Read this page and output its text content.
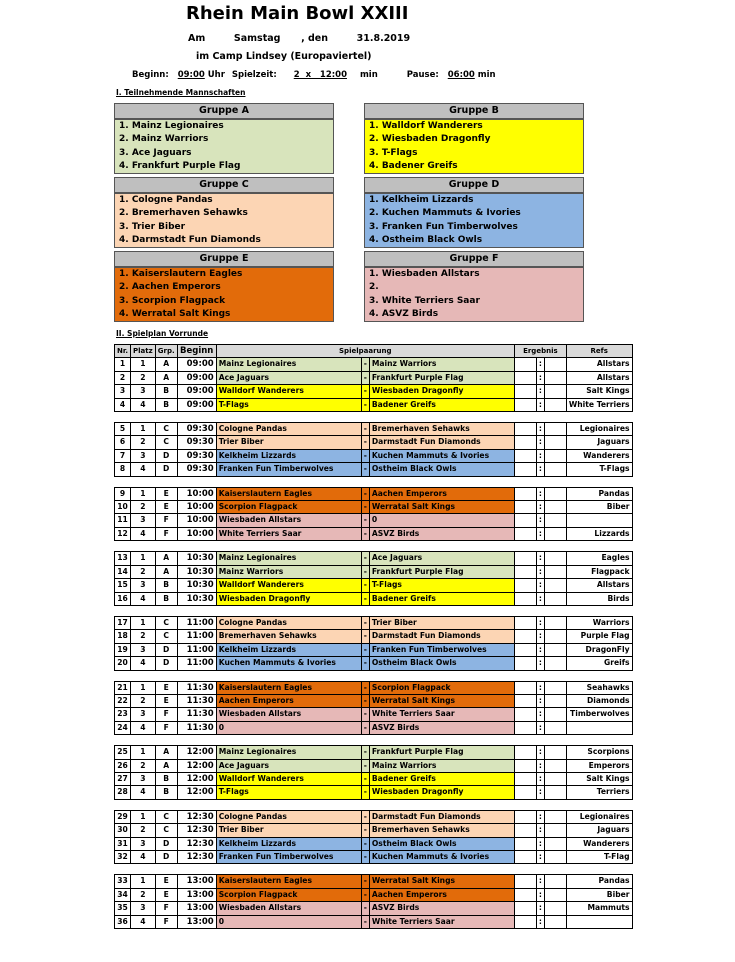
Rhein Main Bowl XXIII
Am	Samstag , den	31.8.2019
im Camp Lindsey (Europaviertel)
Beginn: 09:00 Uhr Spielzeit: 2  x   12:00 min	Pause: 06:00 min
I. Teilnehmende Mannschaften
Gruppe A
1. Mainz Legionaires
2. Mainz Warriors
3. Ace Jaguars
4. Frankfurt Purple Flag
Gruppe B
1. Walldorf Wanderers
2. Wiesbaden Dragonfly
3. T-Flags
4. Badener Greifs
Gruppe C
1. Cologne Pandas
2. Bremerhaven Sehawks
3. Trier Biber
4. Darmstadt Fun Diamonds
Gruppe D
1. Kelkheim Lizzards
2. Kuchen Mammuts & Ivories
3. Franken Fun Timberwolves
4. Ostheim Black Owls
Gruppe E
1. Kaiserslautern Eagles
2. Aachen Emperors
3. Scorpion Flagpack
4. Werratal Salt Kings
Gruppe F
1. Wiesbaden Allstars
2.
3. White Terriers Saar
4. ASVZ Birds
II. Spielplan Vorrunde
Nr.	Platz	Grp.	Beginn	Spielpaarung			Ergebnis			Refs
1	1	A	09:00	Mainz Legionaires	-	Mainz Warriors		:		Allstars
2	2	A	09:00	Ace Jaguars	-	Frankfurt Purple Flag		:		Allstars
3	3	B	09:00	Walldorf Wanderers	-	Wiesbaden Dragonfly		:		Salt Kings
4	4	B	09:00	T-Flags	-	Badener Greifs		:		White Terriers

5	1	C	09:30	Cologne Pandas	-	Bremerhaven Sehawks		:		Legionaires
6	2	C	09:30	Trier Biber	-	Darmstadt Fun Diamonds		:		Jaguars
7	3	D	09:30	Kelkheim Lizzards	-	Kuchen Mammuts & Ivories		:		Wanderers
8	4	D	09:30	Franken Fun Timberwolves	-	Ostheim Black Owls		:		T-Flags

9	1	E	10:00	Kaiserslautern Eagles	-	Aachen Emperors		:		Pandas
10	2	E	10:00	Scorpion Flagpack	-	Werratal Salt Kings		:		Biber
11	3	F	10:00	Wiesbaden Allstars	-	0		:		
12	4	F	10:00	White Terriers Saar	-	ASVZ Birds		:		Lizzards

13	1	A	10:30	Mainz Legionaires	-	Ace Jaguars		:		Eagles
14	2	A	10:30	Mainz Warriors	-	Frankfurt Purple Flag		:		Flagpack
15	3	B	10:30	Walldorf Wanderers	-	T-Flags		:		Allstars
16	4	B	10:30	Wiesbaden Dragonfly	-	Badener Greifs		:		Birds

17	1	C	11:00	Cologne Pandas	-	Trier Biber		:		Warriors
18	2	C	11:00	Bremerhaven Sehawks	-	Darmstadt Fun Diamonds		:		Purple Flag
19	3	D	11:00	Kelkheim Lizzards	-	Franken Fun Timberwolves		:		DragonFly
20	4	D	11:00	Kuchen Mammuts & Ivories	-	Ostheim Black Owls		:		Greifs

21	1	E	11:30	Kaiserslautern Eagles	-	Scorpion Flagpack		:		Seahawks
22	2	E	11:30	Aachen Emperors	-	Werratal Salt Kings		:		Diamonds
23	3	F	11:30	Wiesbaden Allstars	-	White Terriers Saar		:		Timberwolves
24	4	F	11:30	0	-	ASVZ Birds		:		

25	1	A	12:00	Mainz Legionaires	-	Frankfurt Purple Flag		:		Scorpions
26	2	A	12:00	Ace Jaguars	-	Mainz Warriors		:		Emperors
27	3	B	12:00	Walldorf Wanderers	-	Badener Greifs		:		Salt Kings
28	4	B	12:00	T-Flags	-	Wiesbaden Dragonfly		:		Terriers

29	1	C	12:30	Cologne Pandas	-	Darmstadt Fun Diamonds		:		Legionaires
30	2	C	12:30	Trier Biber	-	Bremerhaven Sehawks		:		Jaguars
31	3	D	12:30	Kelkheim Lizzards	-	Ostheim Black Owls		:		Wanderers
32	4	D	12:30	Franken Fun Timberwolves	-	Kuchen Mammuts & Ivories		:		T-Flag

33	1	E	13:00	Kaiserslautern Eagles	-	Werratal Salt Kings		:		Pandas
34	2	E	13:00	Scorpion Flagpack	-	Aachen Emperors		:		Biber
35	3	F	13:00	Wiesbaden Allstars	-	ASVZ Birds		:		Mammuts
36	4	F	13:00	0	-	White Terriers Saar		:		
